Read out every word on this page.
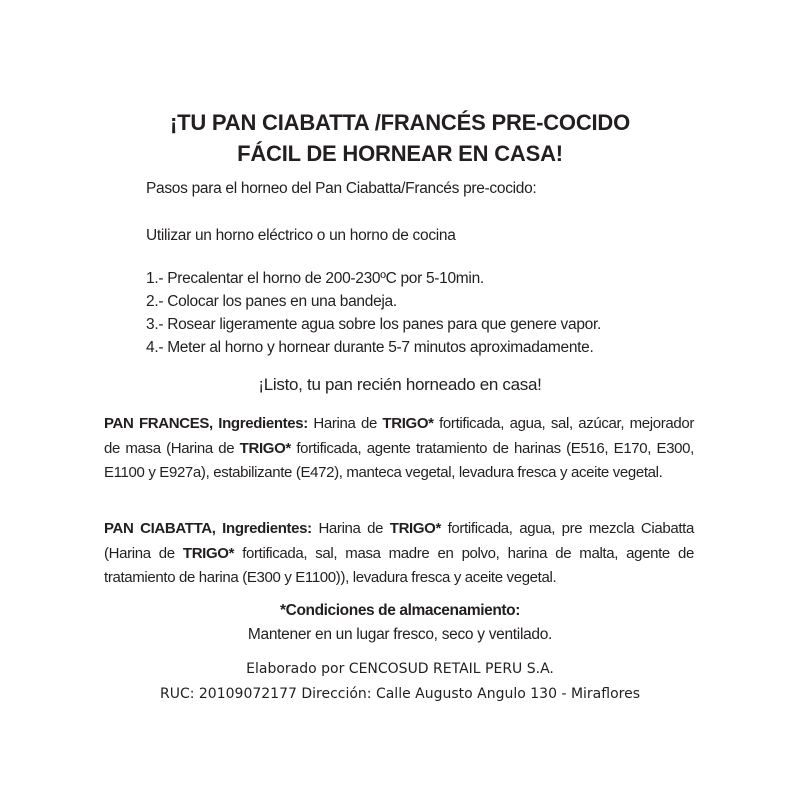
¡TU PAN CIABATTA /FRANCÉS PRE-COCIDO
FÁCIL DE HORNEAR EN CASA!

Pasos para el horneo del Pan Ciabatta/Francés pre-cocido:

Utilizar un horno eléctrico o un horno de cocina

1.- Precalentar el horno de 200-230ºC por 5-10min.

2.- Colocar los panes en una bandeja.

3.- Rosear ligeramente agua sobre los panes para que genere vapor.

4.- Meter al horno y hornear durante 5-7 minutos aproximadamente.

¡Listo, tu pan recién horneado en casa!

PAN FRANCES, Ingredientes: Harina de TRIGO* fortificada, agua, sal, azúcar, mejorador de masa (Harina de TRIGO* fortificada, agente tratamiento de harinas (E516, E170, E300, E1100 y E927a), estabilizante (E472), manteca vegetal, levadura fresca y aceite vegetal.

PAN CIABATTA, Ingredientes: Harina de TRIGO* fortificada, agua, pre mezcla Ciabatta (Harina de TRIGO* fortificada, sal, masa madre en polvo, harina de malta, agente de tratamiento de harina (E300 y E1100)), levadura fresca y aceite vegetal.

*Condiciones de almacenamiento:

Mantener en un lugar fresco, seco y ventilado.

Elaborado por CENCOSUD RETAIL PERU S.A.

RUC: 20109072177 Dirección: Calle Augusto Angulo 130 - Miraflores
